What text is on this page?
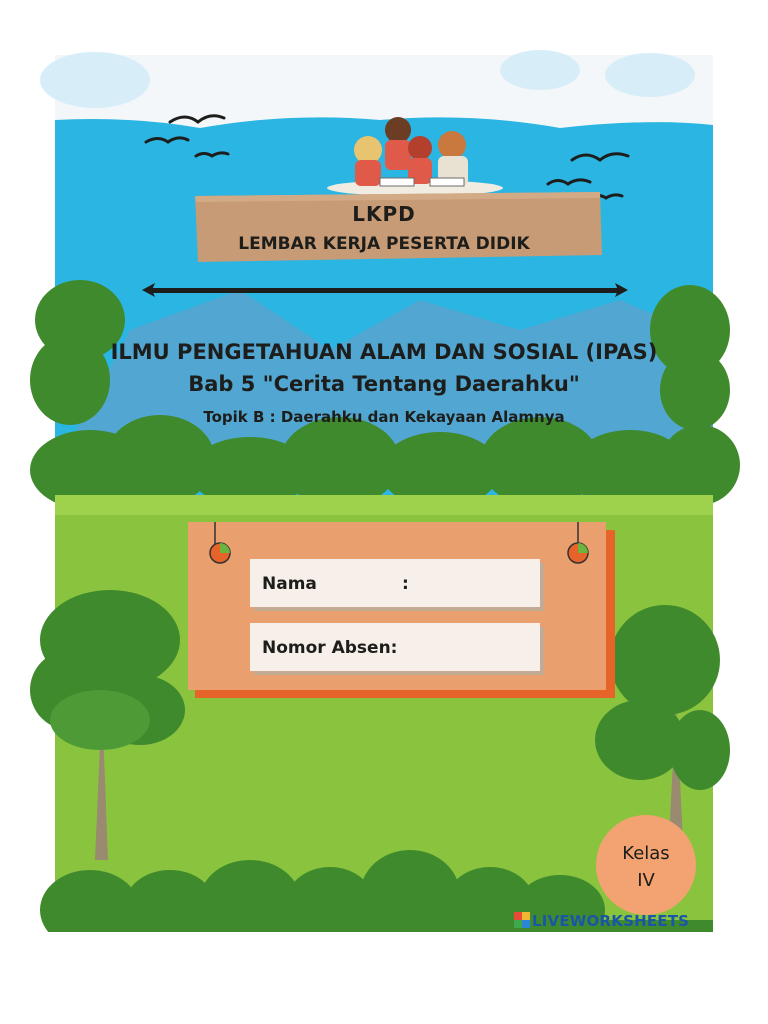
LKPD
LEMBAR KERJA PESERTA DIDIK
ILMU PENGETAHUAN ALAM DAN SOSIAL (IPAS)
Bab 5 "Cerita Tentang Daerahku"
Topik B : Daerahku dan Kekayaan Alamnya
Nama	:
Nomor Absen:
Kelas
IV
LIVEWORKSHEETS
